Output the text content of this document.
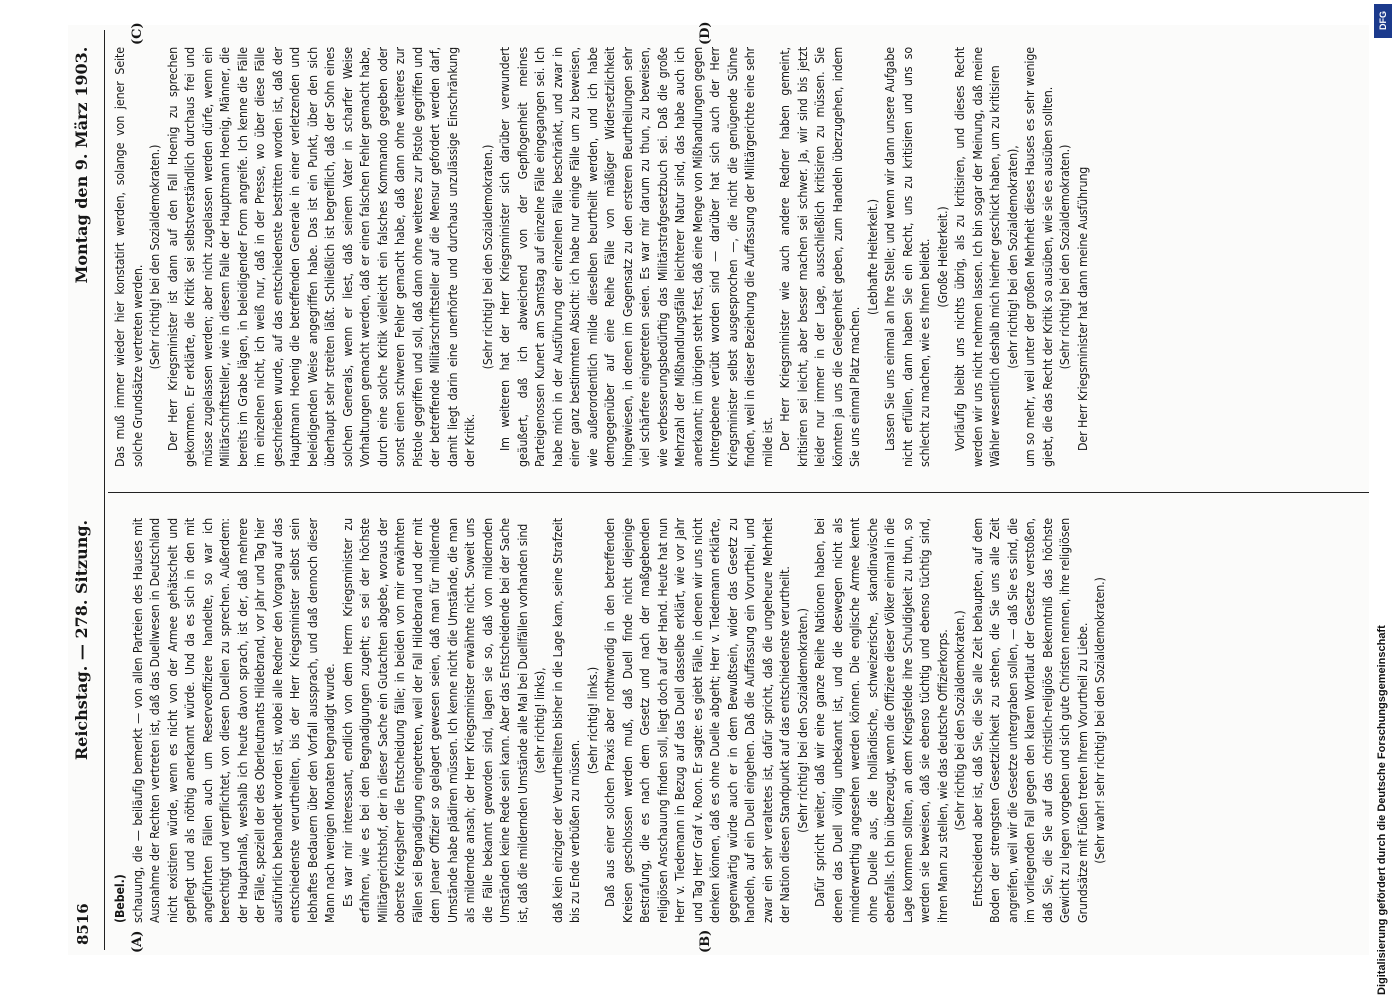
8516
Reichstag. — 278. Sitzung.
Montag den 9. März 1903.
(A)	(B)
(C)	(D)

(Bebel.) schauung, die — beiläufig bemerkt — von allen Parteien des Hauses mit Ausnahme der Rechten vertreten ist, daß das Duellwesen in Deutschland nicht existiren würde, wenn es nicht von der Armee gehätschelt und gepflegt und als nöthig anerkannt würde. Und da es sich in den mit angeführten Fällen auch um Reserveoffiziere handelte, so war ich berechtigt und verpflichtet, von diesen Duellen zu sprechen. Außerdem: der Hauptanlaß, weshalb ich heute davon sprach, ist der, daß mehrere der Fälle, speziell der des Oberleutnants Hildebrand, vor Jahr und Tag hier ausführlich behandelt worden ist, wobei alle Redner den Vorgang auf das entschiedenste verurtheilten, bis der Herr Kriegsminister selbst sein lebhaftes Bedauern über den Vorfall aussprach, und daß dennoch dieser Mann nach wenigen Monaten begnadigt wurde. Es war mir interessant, endlich von dem Herrn Kriegsminister zu erfahren, wie es bei den Begnadigungen zugeht; es sei der höchste Militärgerichtshof, der in dieser Sache ein Gutachten abgebe, woraus der oberste Kriegsherr die Entscheidung fälle; in beiden von mir erwähnten Fällen sei Begnadigung eingetreten, weil der Fall Hildebrand und der mit dem Jenaer Offizier so gelagert gewesen seien, daß man für mildernde Umstände habe plädiren müssen. Ich kenne nicht die Umstände, die man als mildernde ansah; der Herr Kriegsminister erwähnte nicht. Soweit uns die Fälle bekannt geworden sind, lagen sie so, daß von mildernden Umständen keine Rede sein kann. Aber das Entscheidende bei der Sache ist, daß die mildernden Umstände alle Mal bei Duellfällen vorhanden sind (sehr richtig! links), daß kein einziger der Verurtheilten bisher in die Lage kam, seine Strafzeit bis zu Ende verbüßen zu müssen.

(Sehr richtig! links.) Daß aus einer solchen Praxis aber nothwendig in den betreffenden Kreisen geschlossen werden muß, daß Duell finde nicht diejenige Bestrafung, die es nach dem Gesetz und nach der maßgebenden religiösen Anschauung finden soll, liegt doch auf der Hand. Heute hat nun Herr v. Tiedemann in Bezug auf das Duell dasselbe erklärt, wie vor Jahr und Tag Herr Graf v. Roon. Er sagte: es giebt Fälle, in denen wir uns nicht denken können, daß es ohne Duelle abgeht; Herr v. Tiedemann erklärte, gegenwärtig würde auch er in dem Bewußtsein, wider das Gesetz zu handeln, auf ein Duell eingehen. Daß die Auffassung ein Vorurtheil, und zwar ein sehr veraltetes ist, dafür spricht, daß die ungeheure Mehrheit der Nation diesen Standpunkt auf das entschiedenste verurtheilt. (Sehr richtig! bei den Sozialdemokraten.) Dafür spricht weiter, daß wir eine ganze Reihe Nationen haben, bei denen das Duell völlig unbekannt ist, und die deswegen nicht als minderwerthig angesehen werden können. Die englische Armee kennt ohne Duelle aus, die holländische, schweizerische, skandinavische ebenfalls. Ich bin überzeugt, wenn die Offiziere dieser Völker einmal in die Lage kommen sollten, an dem Kriegsfelde ihre Schuldigkeit zu thun, so werden sie beweisen, daß sie ebenso tüchtig und ebenso tüchtig sind, ihren Mann zu stellen, wie das deutsche Offizierkorps. (Sehr richtig bei den Sozialdemokraten.) Entscheidend aber ist, daß Sie, die Sie alle Zeit behaupten, auf dem Boden der strengsten Gesetzlichkeit zu stehen, die Sie uns alle Zeit angreifen, weil wir die Gesetze untergraben sollen, — daß Sie es sind, die im vorliegenden Fall gegen den klaren Wortlaut der Gesetze verstoßen, daß Sie, die Sie auf das christlich-religiöse Bekenntniß das höchste Gewicht zu legen vorgeben und sich gute Christen nennen, ihre religiösen Grundsätze mit Füßen treten Ihrem Vorurtheil zu Liebe. (Sehr wahr! sehr richtig! bei den Sozialdemokraten.)

Das muß immer wieder hier konstatirt werden, solange von jener Seite solche Grundsätze vertreten werden. (Sehr richtig! bei den Sozialdemokraten.) Der Herr Kriegsminister ist dann auf den Fall Hoenig zu sprechen gekommen. Er erklärte, die Kritik sei selbstverständlich durchaus frei und müsse zugelassen werden; aber nicht zugelassen werden dürfe, wenn ein Militärschriftsteller, wie in diesem Falle der Hauptmann Hoenig, Männer, die bereits im Grabe lägen, in beleidigender Form angreife. Ich kenne die Fälle im einzelnen nicht, ich weiß nur, daß in der Presse, wo über diese Fälle geschrieben wurde, auf das entschiedenste bestritten worden ist, daß der Hauptmann Hoenig die betreffenden Generale in einer verletzenden und beleidigenden Weise angegriffen habe. Das ist ein Punkt, über den sich überhaupt sehr streiten läßt. Schließlich ist begreiflich, daß der Sohn eines solchen Generals, wenn er liest, daß seinem Vater in scharfer Weise Vorhaltungen gemacht werden, daß er einen falschen Fehler gemacht habe, durch eine solche Kritik vielleicht ein falsches Kommando gegeben oder sonst einen schweren Fehler gemacht habe, daß dann ohne weiteres zur Pistole gegriffen und soll, daß dann ohne weiteres zur Pistole gegriffen und der betreffende Militärschriftsteller auf die Mensur gefordert werden darf, damit liegt darin eine unerhörte und durchaus unzulässige Einschränkung der Kritik.

(Sehr richtig! bei den Sozialdemokraten.) Im weiteren hat der Herr Kriegsminister sich darüber verwundert geäußert, daß ich abweichend von der Gepflogenheit meines Parteigenossen Kunert am Samstag auf einzelne Fälle eingegangen sei. Ich habe mich in der Ausführung der einzelnen Fälle beschränkt, und zwar in einer ganz bestimmten Absicht: ich habe nur einige Fälle um zu beweisen, wie außerordentlich milde dieselben beurtheilt werden, und ich habe demgegenüber auf eine Reihe Fälle von mäßiger Widersetzlichkeit hingewiesen, in denen im Gegensatz zu den ersteren Beurtheilungen sehr viel schärfere eingetreten seien. Es war mir darum zu thun, zu beweisen, wie verbesserungsbedürftig das Militärstrafgesetzbuch sei. Daß die große Mehrzahl der Mißhandlungsfälle leichterer Natur sind, das habe auch ich anerkannt; im übrigen steht fest, daß eine Menge von Mißhandlungen gegen Untergebene verübt worden sind — darüber hat sich auch der Herr Kriegsminister selbst ausgesprochen —, die nicht die genügende Sühne finden, weil in dieser Beziehung die Auffassung der Militärgerichte eine sehr milde ist. Der Herr Kriegsminister wie auch andere Redner haben gemeint, kritisiren sei leicht, aber besser machen sei schwer. Ja, wir sind bis jetzt leider nur immer in der Lage, ausschließlich kritisiren zu müssen. Sie könnten ja uns die Gelegenheit geben, zum Handeln überzugehen, indem Sie uns einmal Platz machen.

(Lebhafte Heiterkeit.) Lassen Sie uns einmal an Ihre Stelle; und wenn wir dann unsere Aufgabe nicht erfüllen, dann haben Sie ein Recht, uns zu kritisiren und uns so schlecht zu machen, wie es Ihnen beliebt. (Große Heiterkeit.) Vorläufig bleibt uns nichts übrig, als zu kritisiren, und dieses Recht werden wir uns nicht nehmen lassen. Ich bin sogar der Meinung, daß meine Wähler wesentlich deshalb mich hierher geschickt haben, um zu kritisiren (sehr richtig! bei den Sozialdemokraten), um so mehr, weil unter der großen Mehrheit dieses Hauses es sehr wenige giebt, die das Recht der Kritik so ausüben, wie sie es ausüben sollten. (Sehr richtig! bei den Sozialdemokraten.) Der Herr Kriegsminister hat dann meine Ausführung

DFG
Digitalisierung gefördert durch die Deutsche Forschungsgemeinschaft
